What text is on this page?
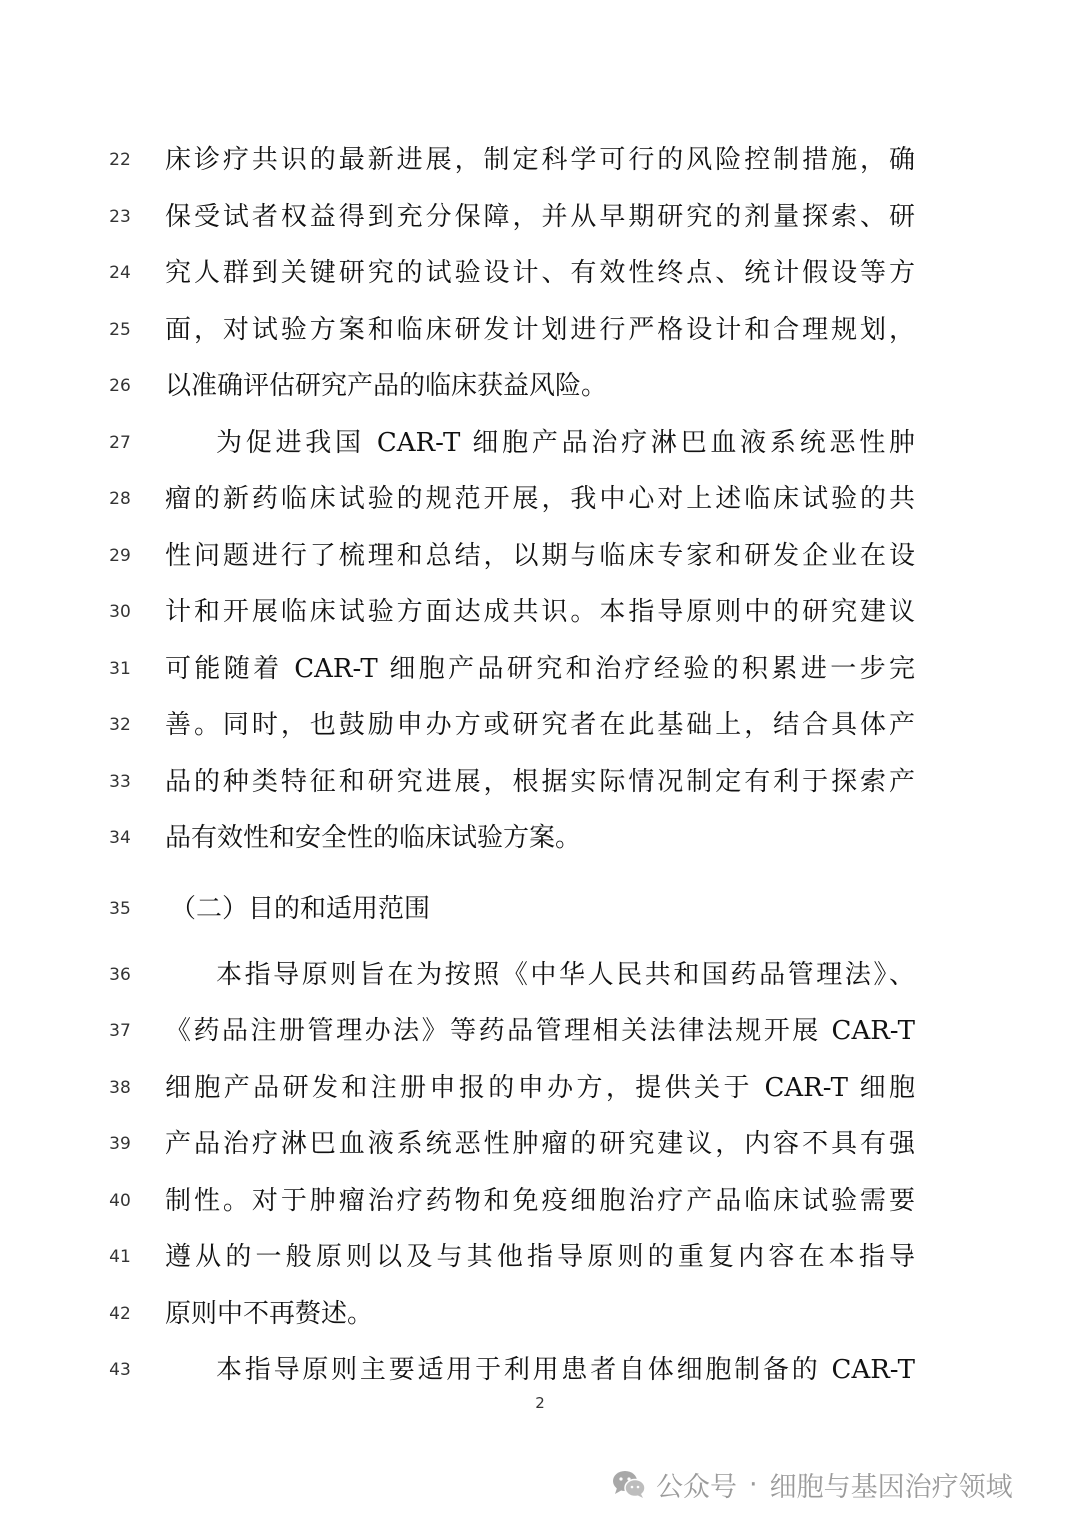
22	床诊疗共识的最新进展，制定科学可行的风险控制措施，确
23	保受试者权益得到充分保障，并从早期研究的剂量探索、研
24	究人群到关键研究的试验设计、有效性终点、统计假设等方
25	面，对试验方案和临床研发计划进行严格设计和合理规划，
26	以准确评估研究产品的临床获益风险。
27	为促进我国 CAR-T 细胞产品治疗淋巴血液系统恶性肿
28	瘤的新药临床试验的规范开展，我中心对上述临床试验的共
29	性问题进行了梳理和总结，以期与临床专家和研发企业在设
30	计和开展临床试验方面达成共识。本指导原则中的研究建议
31	可能随着 CAR-T 细胞产品研究和治疗经验的积累进一步完
32	善。同时，也鼓励申办方或研究者在此基础上，结合具体产
33	品的种类特征和研究进展，根据实际情况制定有利于探索产
34	品有效性和安全性的临床试验方案。
35	（二）目的和适用范围
36	本指导原则旨在为按照《中华人民共和国药品管理法》、
37	《药品注册管理办法》等药品管理相关法律法规开展 CAR-T
38	细胞产品研发和注册申报的申办方，提供关于 CAR-T 细胞
39	产品治疗淋巴血液系统恶性肿瘤的研究建议，内容不具有强
40	制性。对于肿瘤治疗药物和免疫细胞治疗产品临床试验需要
41	遵从的一般原则以及与其他指导原则的重复内容在本指导
42	原则中不再赘述。
43	本指导原则主要适用于利用患者自体细胞制备的 CAR-T
2
公众号 · 细胞与基因治疗领域
